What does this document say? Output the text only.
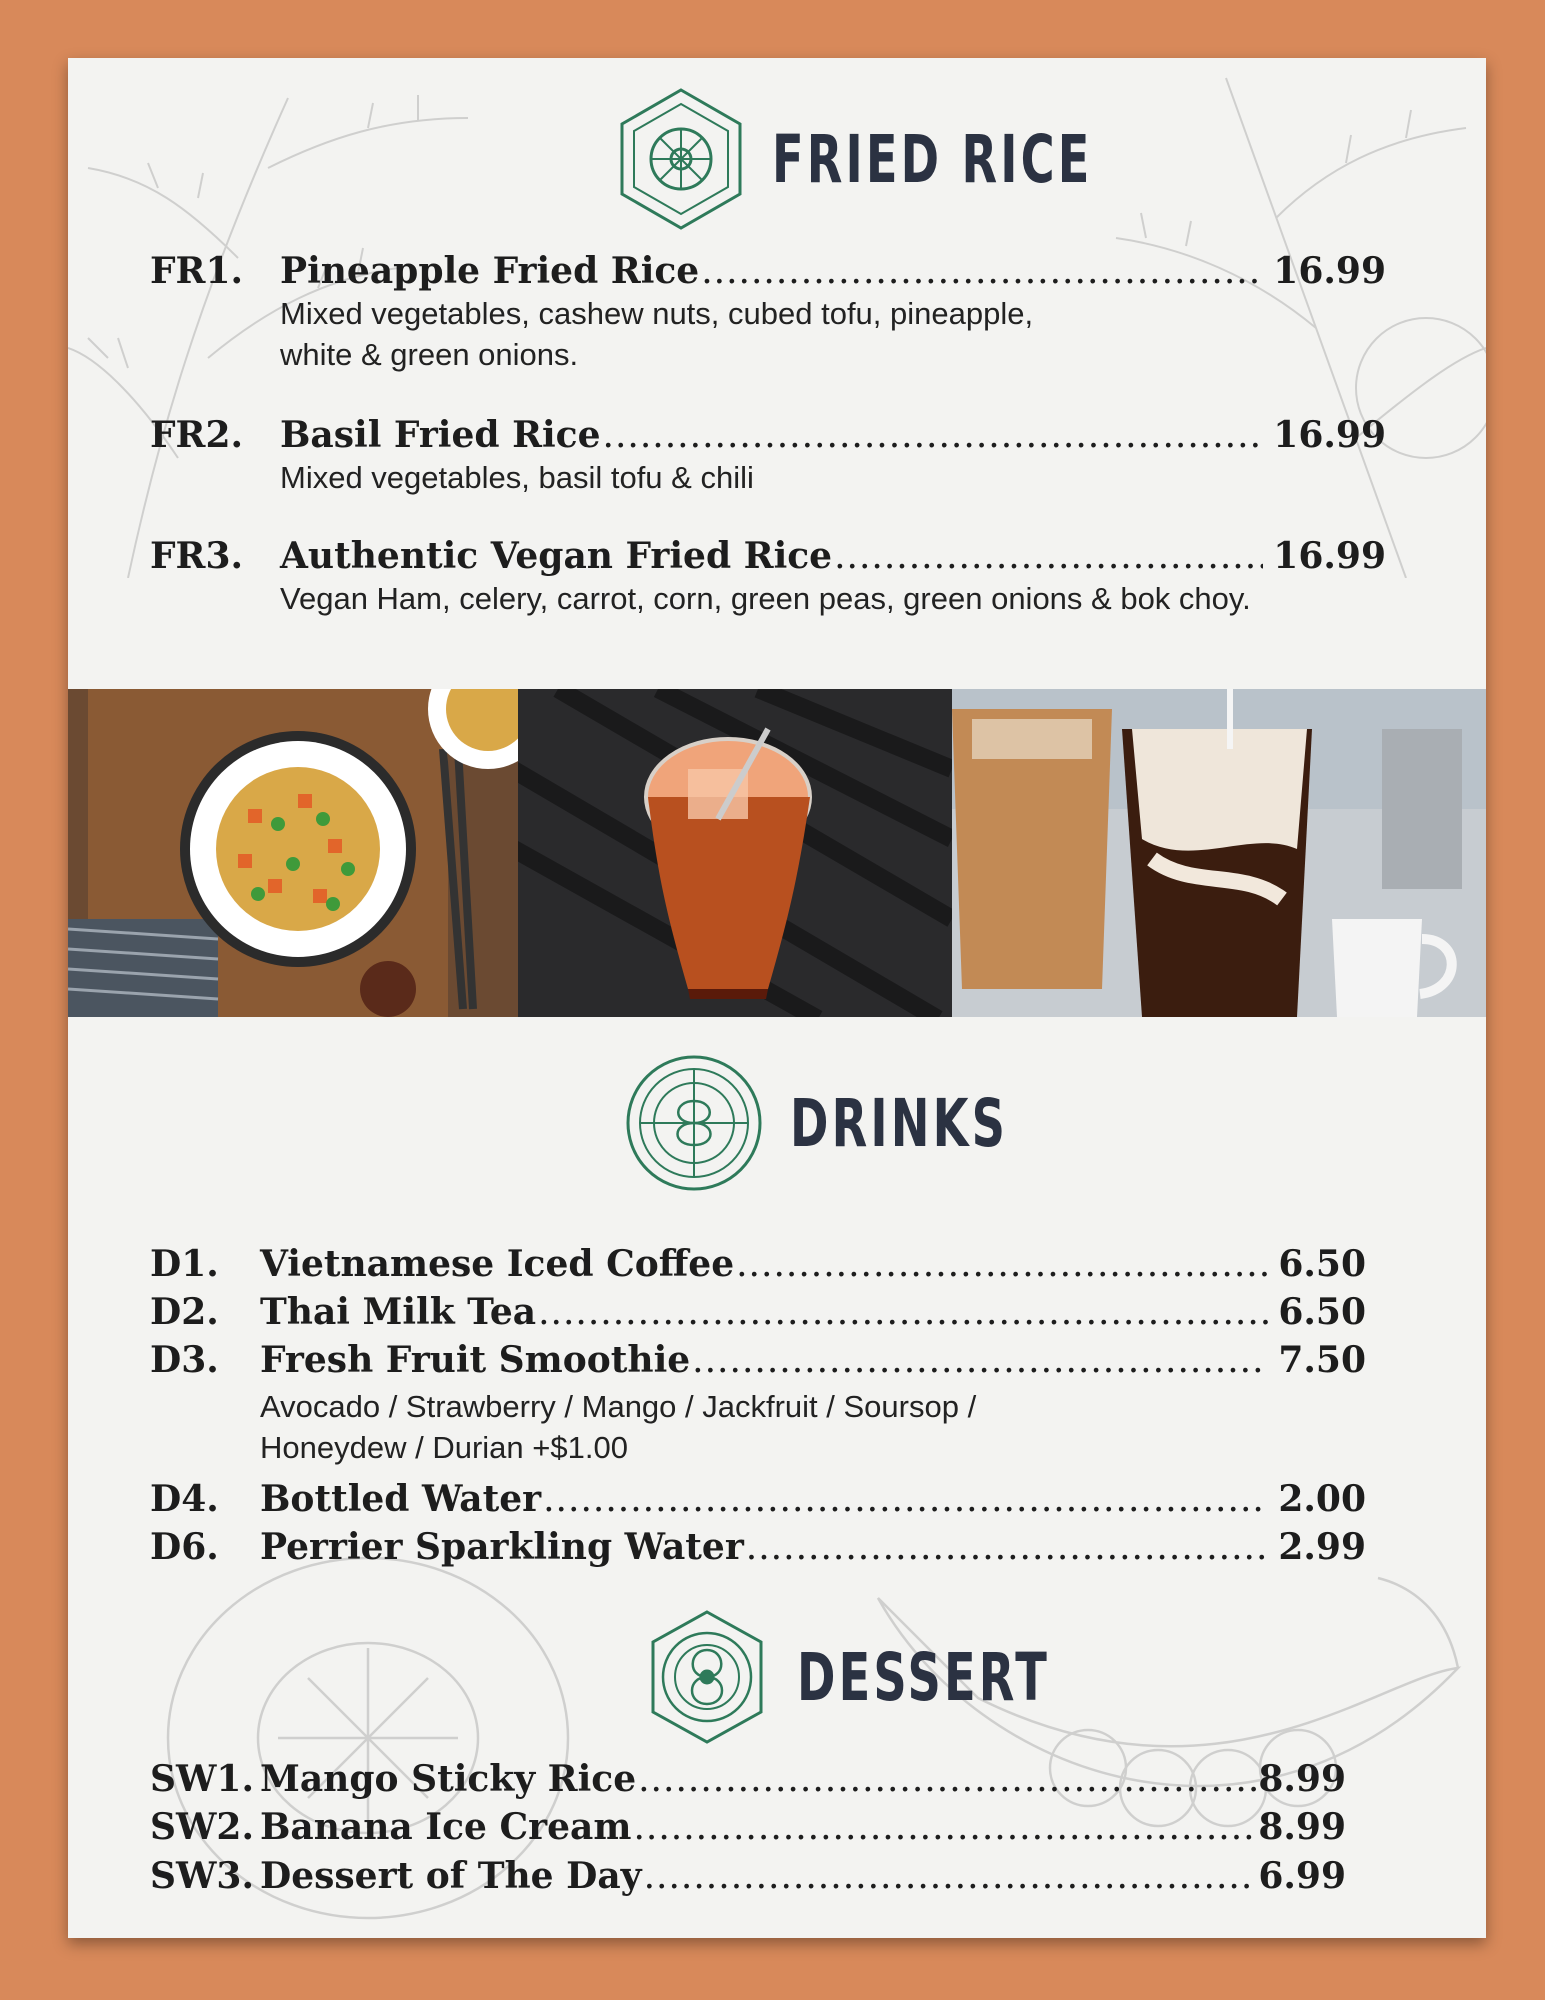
FRIED RICE
FR1.	Pineapple Fried Rice .....	16.99
Mixed vegetables, cashew nuts, cubed tofu, pineapple,
white & green onions.
FR2.	Basil Fried Rice .....	16.99
Mixed vegetables, basil tofu & chili
FR3.	Authentic Vegan Fried Rice .....	16.99
Vegan Ham, celery, carrot, corn, green peas, green onions & bok choy.
DRINKS
D1.	Vietnamese Iced Coffee .....	6.50
D2.	Thai Milk Tea .....	6.50
D3.	Fresh Fruit Smoothie .....	7.50
Avocado / Strawberry / Mango / Jackfruit / Soursop /
Honeydew / Durian +$1.00
D4.	Bottled Water .....	2.00
D6.	Perrier Sparkling Water .....	2.99
DESSERT
SW1. Mango Sticky Rice .....	8.99
SW2. Banana Ice Cream .....	8.99
SW3. Dessert of The Day .....	6.99
